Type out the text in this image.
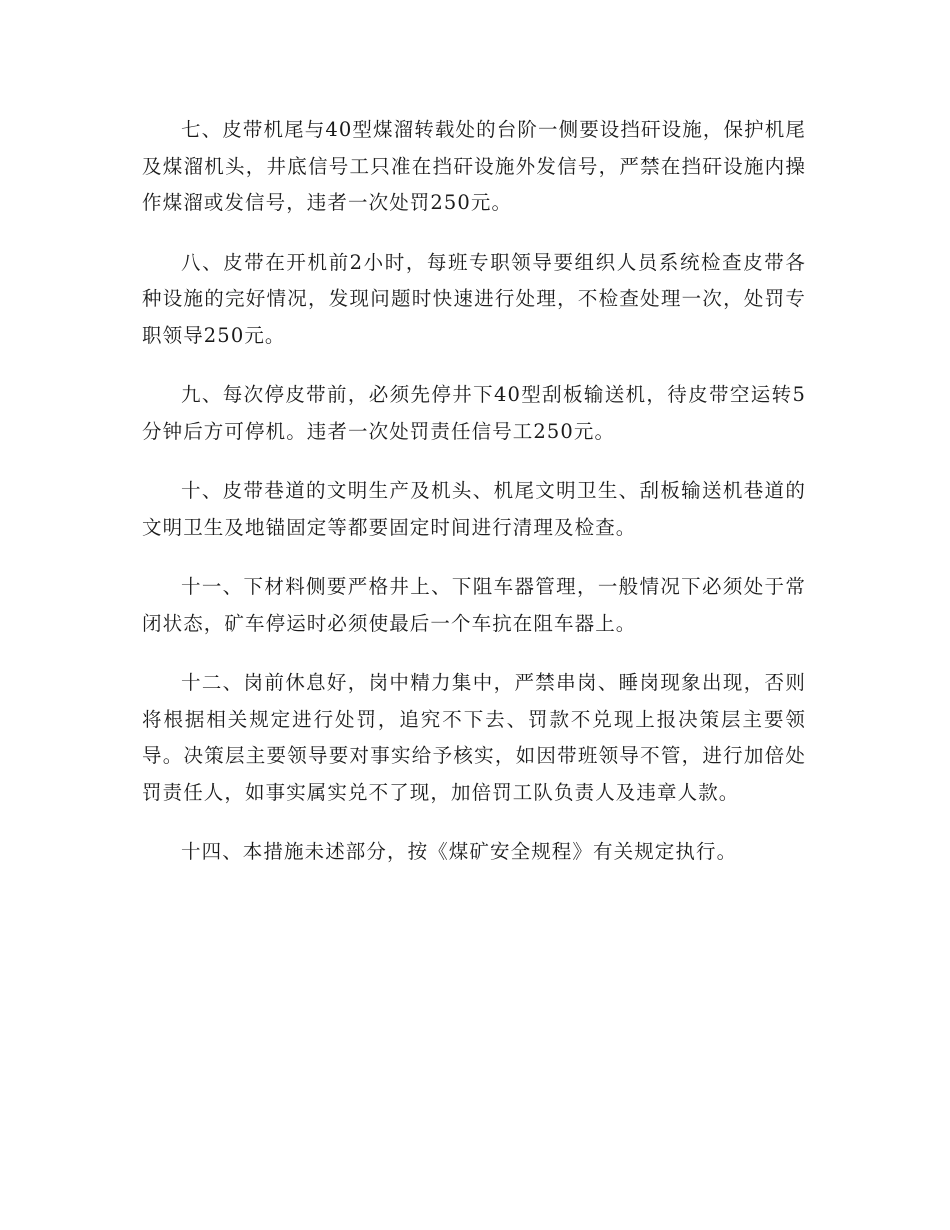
七、皮带机尾与40型煤溜转载处的台阶一侧要设挡矸设施，保护机尾及煤溜机头，井底信号工只准在挡矸设施外发信号，严禁在挡矸设施内操作煤溜或发信号，违者一次处罚250元。

八、皮带在开机前2小时，每班专职领导要组织人员系统检查皮带各种设施的完好情况，发现问题时快速进行处理，不检查处理一次，处罚专职领导250元。

九、每次停皮带前，必须先停井下40型刮板输送机，待皮带空运转5分钟后方可停机。违者一次处罚责任信号工250元。

十、皮带巷道的文明生产及机头、机尾文明卫生、刮板输送机巷道的文明卫生及地锚固定等都要固定时间进行清理及检查。

十一、下材料侧要严格井上、下阻车器管理，一般情况下必须处于常闭状态，矿车停运时必须使最后一个车抗在阻车器上。

十二、岗前休息好，岗中精力集中，严禁串岗、睡岗现象出现，否则将根据相关规定进行处罚，追究不下去、罚款不兑现上报决策层主要领导。决策层主要领导要对事实给予核实，如因带班领导不管，进行加倍处罚责任人，如事实属实兑不了现，加倍罚工队负责人及违章人款。

十四、本措施未述部分，按《煤矿安全规程》有关规定执行。
